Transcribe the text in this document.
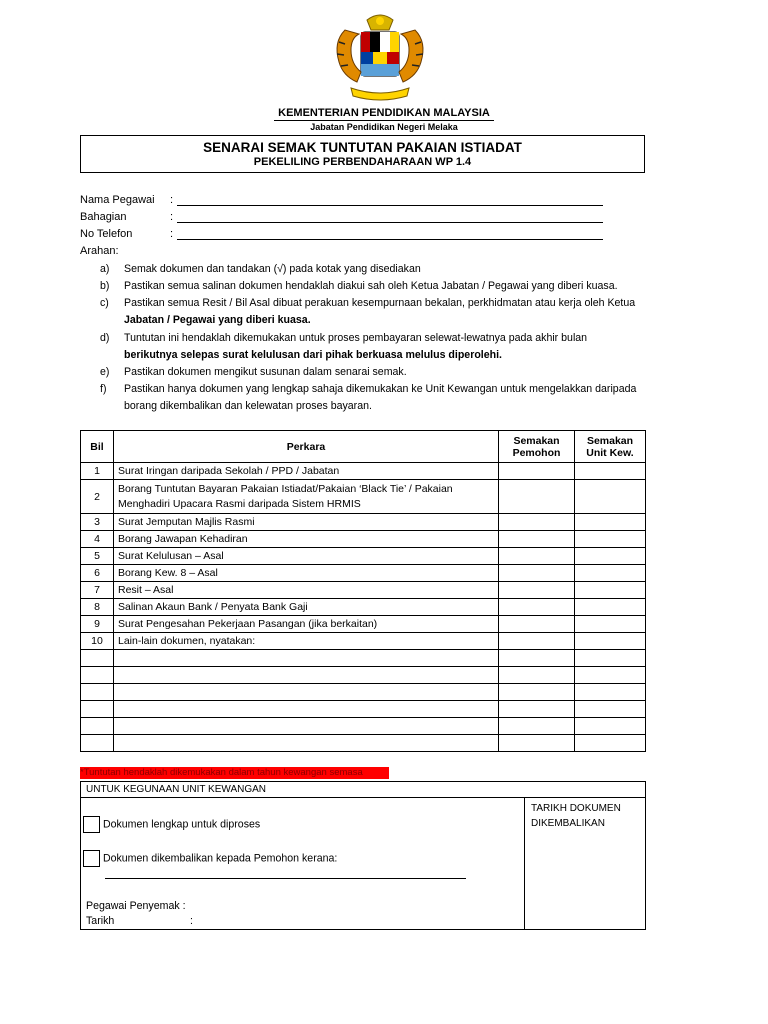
KEMENTERIAN PENDIDIKAN MALAYSIA
Jabatan Pendidikan Negeri Melaka
SENARAI SEMAK TUNTUTAN PAKAIAN ISTIADAT
PEKELILING PERBENDAHARAAN WP 1.4
Nama Pegawai :
Bahagian	:
No Telefon	:
Arahan:
a)	Semak dokumen dan tandakan (√) pada kotak yang disediakan
b)	Pastikan semua salinan dokumen hendaklah diakui sah oleh Ketua Jabatan / Pegawai yang diberi kuasa.
c)	Pastikan semua Resit / Bil Asal dibuat perakuan kesempurnaan bekalan, perkhidmatan atau kerja oleh Ketua
Jabatan / Pegawai yang diberi kuasa.
d)	Tuntutan ini hendaklah dikemukakan untuk proses pembayaran selewat-lewatnya pada akhir bulan
berikutnya selepas surat kelulusan dari pihak berkuasa melulus diperolehi.
e)	Pastikan dokumen mengikut susunan dalam senarai semak.
f)	Pastikan hanya dokumen yang lengkap sahaja dikemukakan ke Unit Kewangan untuk mengelakkan daripada
borang dikembalikan dan kelewatan proses bayaran.
Bil	Perkara	Semakan Pemohon	Semakan Unit Kew.
1	Surat Iringan daripada Sekolah / PPD / Jabatan		
2	Borang Tuntutan Bayaran Pakaian Istiadat/Pakaian ‘Black Tie’ / Pakaian Menghadiri Upacara Rasmi daripada Sistem HRMIS		
3	Surat Jemputan Majlis Rasmi		
4	Borang Jawapan Kehadiran		
5	Surat Kelulusan – Asal		
6	Borang Kew. 8 – Asal		
7	Resit – Asal		
8	Salinan Akaun Bank / Penyata Bank Gaji		
9	Surat Pengesahan Pekerjaan Pasangan (jika berkaitan)		
10	Lain-lain dokumen, nyatakan:		

*Tuntutan hendaklah dikemukakan dalam tahun kewangan semasa
UNTUK KEGUNAAN UNIT KEWANGAN
TARIKH DOKUMEN
DIKEMBALIKAN
Dokumen lengkap untuk diproses
Dokumen dikembalikan kepada Pemohon kerana:
Pegawai Penyemak :
Tarikh	:
